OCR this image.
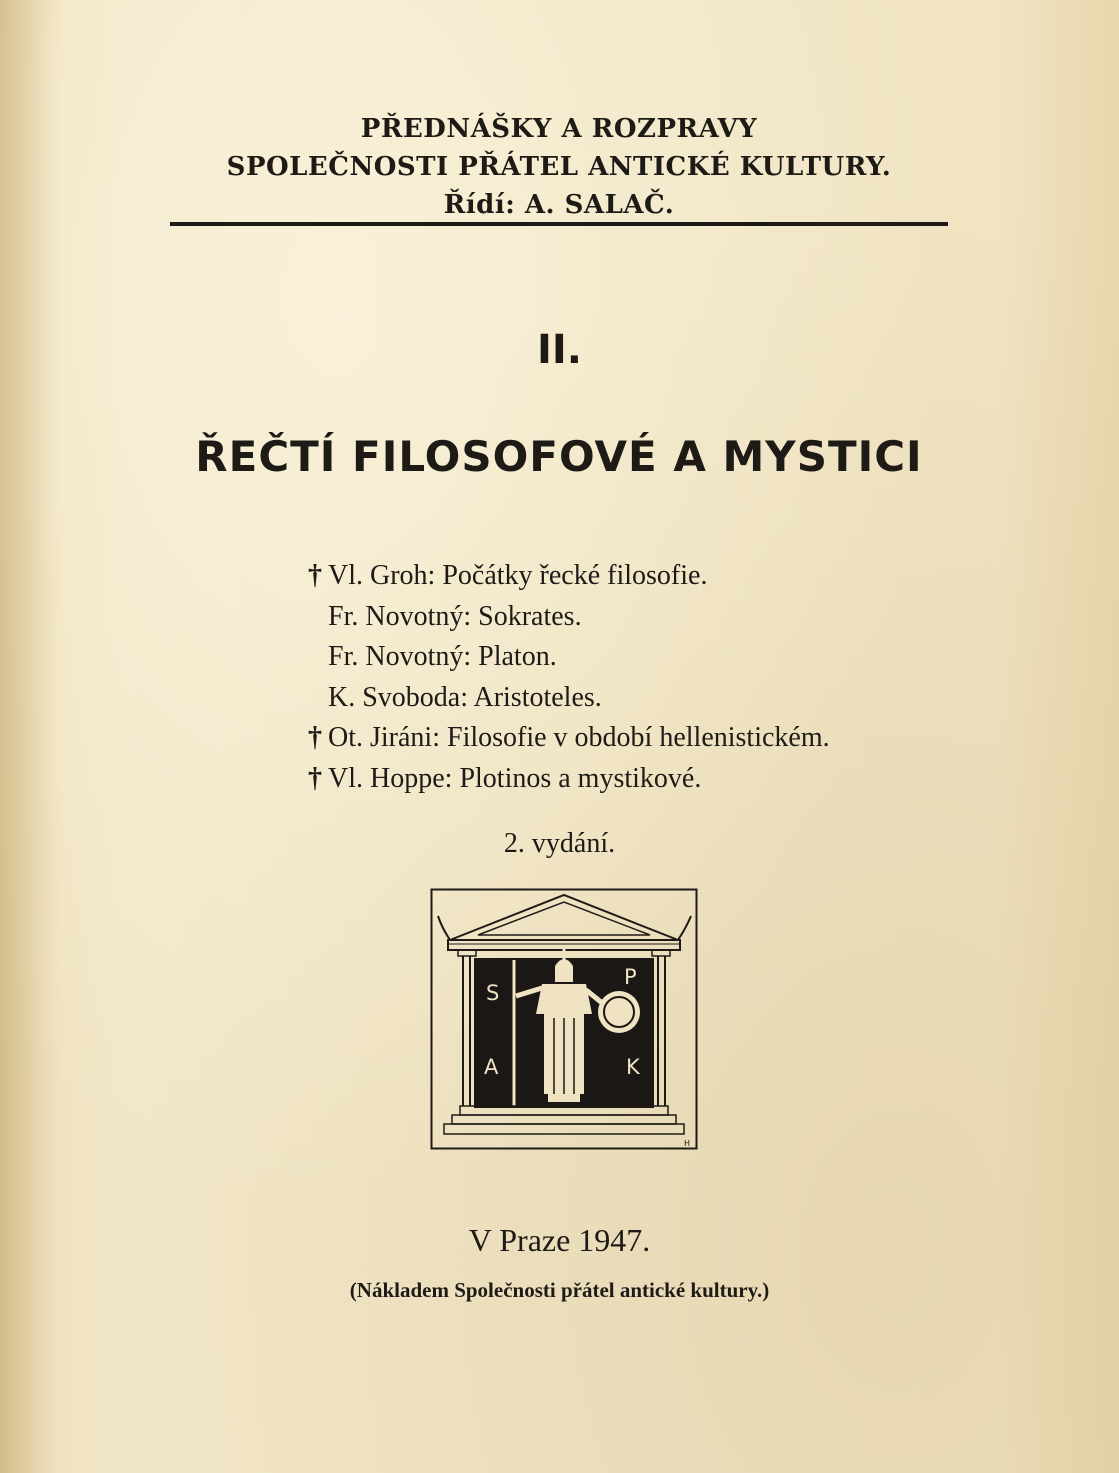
PŘEDNÁŠKY A ROZPRAVY
SPOLEČNOSTI PŘÁTEL ANTICKÉ KULTURY.
Řídí: A. SALAČ.
II.
ŘEČTÍ FILOSOFOVÉ A MYSTICI
† Vl. Groh: Počátky řecké filosofie.
Fr. Novotný: Sokrates.
Fr. Novotný: Platon.
K. Svoboda: Aristoteles.
† Ot. Jiráni: Filosofie v období hellenistickém.
† Vl. Hoppe: Plotinos a mystikové.
2. vydání.
S
P
A	K
H
V Praze 1947.
(Nákladem Společnosti přátel antické kultury.)
